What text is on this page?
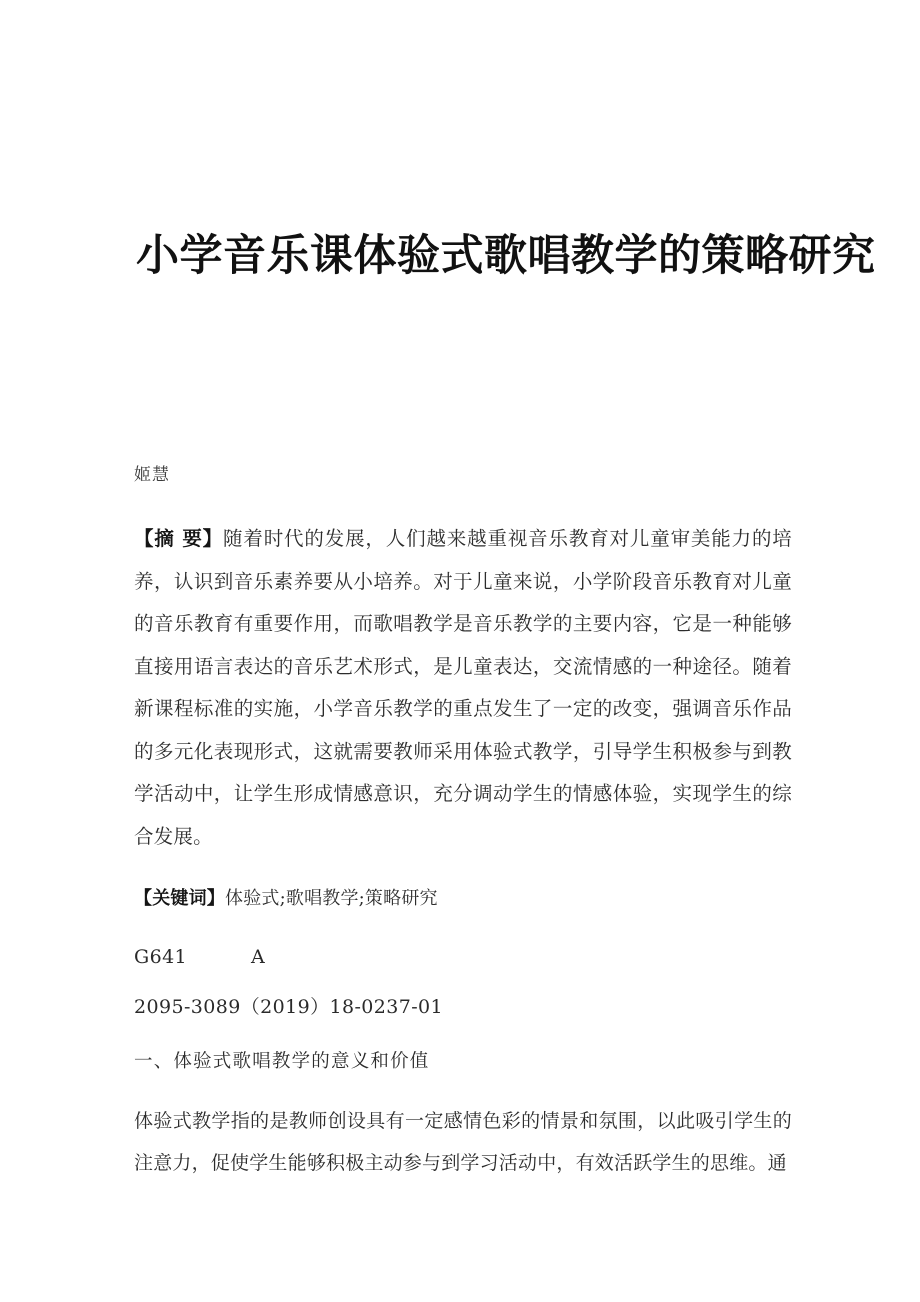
小学音乐课体验式歌唱教学的策略研究

姬慧

【摘 要】随着时代的发展，人们越来越重视音乐教育对儿童审美能力的培养，认识到音乐素养要从小培养。对于儿童来说，小学阶段音乐教育对儿童的音乐教育有重要作用，而歌唱教学是音乐教学的主要内容，它是一种能够直接用语言表达的音乐艺术形式，是儿童表达，交流情感的一种途径。随着新课程标准的实施，小学音乐教学的重点发生了一定的改变，强调音乐作品的多元化表现形式，这就需要教师采用体验式教学，引导学生积极参与到教学活动中，让学生形成情感意识，充分调动学生的情感体验，实现学生的综合发展。

【关键词】体验式;歌唱教学;策略研究

G641	A

2095-3089（2019）18-0237-01

一、体验式歌唱教学的意义和价值

体验式教学指的是教师创设具有一定感情色彩的情景和氛围，以此吸引学生的注意力，促使学生能够积极主动参与到学习活动中，有效活跃学生的思维。通
